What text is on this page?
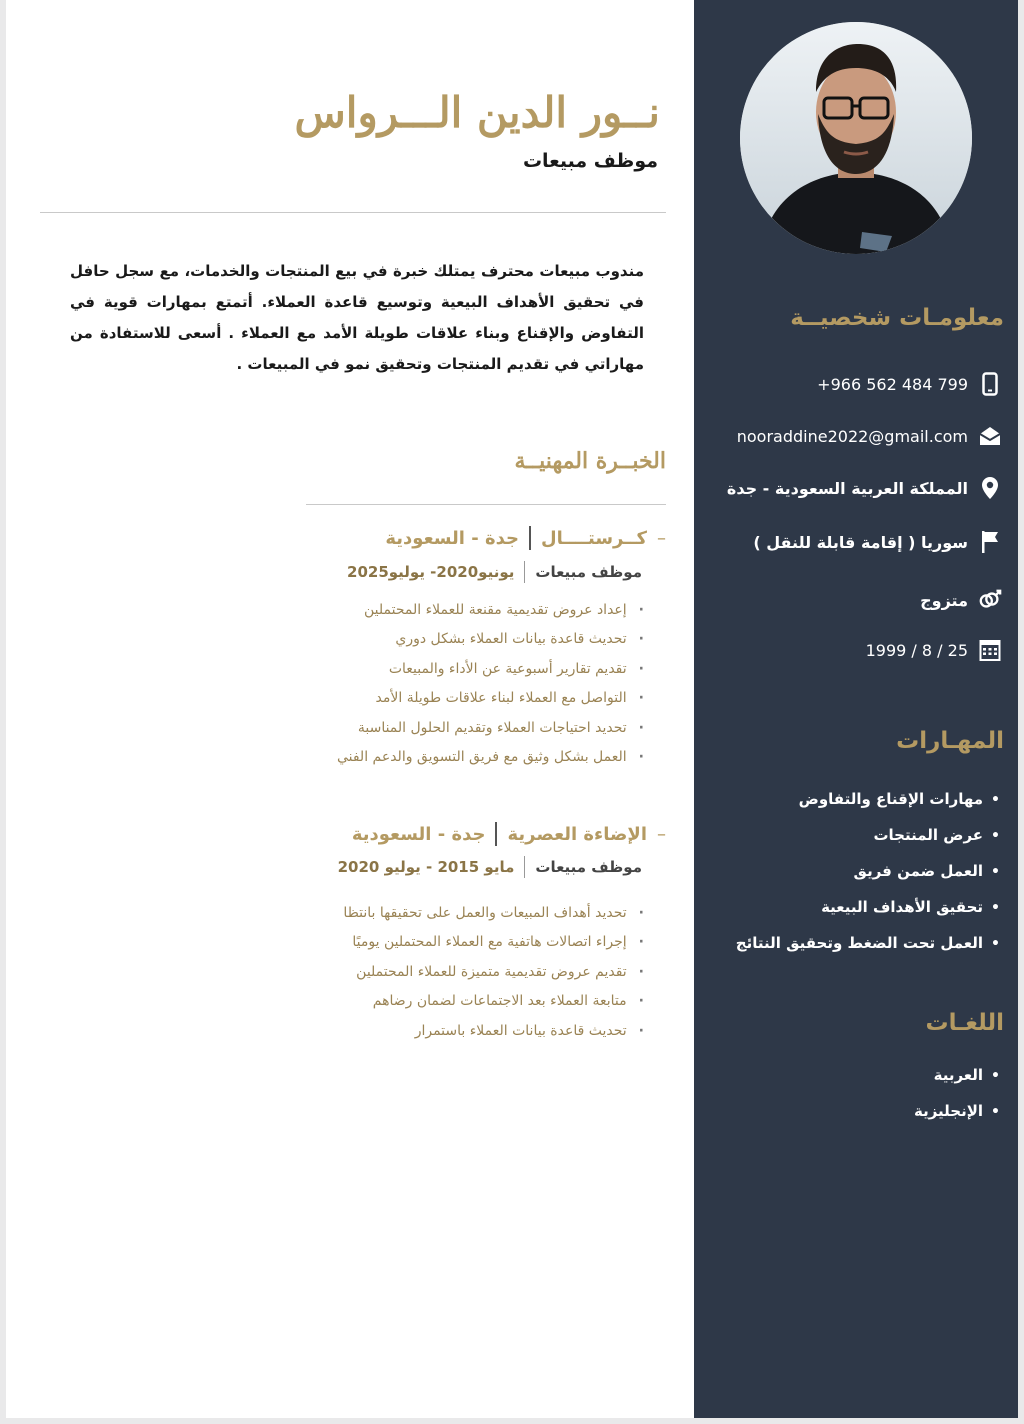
معلومـات شخصيــة
+966 562 484 799
nooraddine2022@gmail.com
المملكة العربية السعودية - جدة
سوريا ( إقامة قابلة للنقل )
متزوج
1999 / 8 / 25
المهـارات
• مهارات الإقناع والتفاوض
• عرض المنتجات
• العمل ضمن فريق
• تحقيق الأهداف البيعية
• العمل تحت الضغط وتحقيق النتائج
اللغـات
• العربية
• الإنجليزية
نــور الدين الـــرواس
موظف مبيعات

مندوب مبيعات محترف يمتلك خبرة في بيع المنتجات والخدمات، مع سجل حافل في تحقيق الأهداف البيعية وتوسيع قاعدة العملاء. أتمتع بمهارات قوية في التفاوض والإقناع وبناء علاقات طويلة الأمد مع العملاء . أسعى للاستفادة من مهاراتي في تقديم المنتجات وتحقيق نمو في المبيعات .

الخبــرة المهنيــة
–
كــرستــــال
جدة - السعودية
موظف مبيعات
يونيو2020- يوليو2025
· إعداد عروض تقديمية مقنعة للعملاء المحتملين
· تحديث قاعدة بيانات العملاء بشكل دوري
· تقديم تقارير أسبوعية عن الأداء والمبيعات
· التواصل مع العملاء لبناء علاقات طويلة الأمد
· تحديد احتياجات العملاء وتقديم الحلول المناسبة
· العمل بشكل وثيق مع فريق التسويق والدعم الفني
–
الإضاءة العصرية
جدة - السعودية
موظف مبيعات
مايو 2015 - يوليو 2020
· تحديد أهداف المبيعات والعمل على تحقيقها بانتظا
· إجراء اتصالات هاتفية مع العملاء المحتملين يوميًا
· تقديم عروض تقديمية متميزة للعملاء المحتملين
· متابعة العملاء بعد الاجتماعات لضمان رضاهم
· تحديث قاعدة بيانات العملاء باستمرار
